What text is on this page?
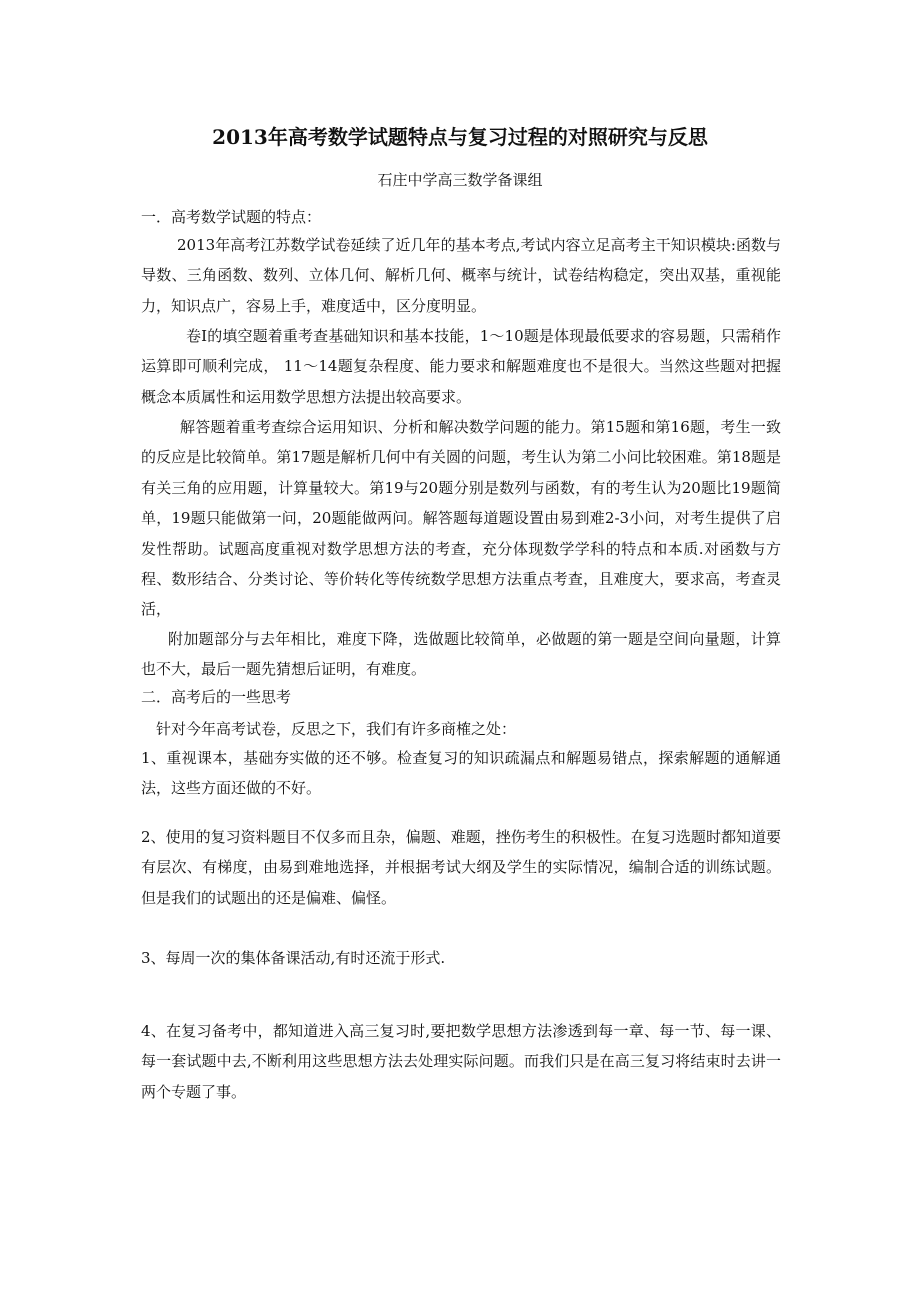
2013年高考数学试题特点与复习过程的对照研究与反思
石庄中学高三数学备课组
一．高考数学试题的特点：

2013年高考江苏数学试卷延续了近几年的基本考点,考试内容立足高考主干知识模块:函数与导数、三角函数、数列、立体几何、解析几何、概率与统计，试卷结构稳定，突出双基，重视能力，知识点广，容易上手，难度适中，区分度明显。

卷Ⅰ的填空题着重考查基础知识和基本技能，1～10题是体现最低要求的容易题，只需稍作运算即可顺利完成， 11～14题复杂程度、能力要求和解题难度也不是很大。当然这些题对把握概念本质属性和运用数学思想方法提出较高要求。

解答题着重考查综合运用知识、分析和解决数学问题的能力。第15题和第16题，考生一致的反应是比较简单。第17题是解析几何中有关圆的问题，考生认为第二小问比较困难。第18题是有关三角的应用题，计算量较大。第19与20题分别是数列与函数，有的考生认为20题比19题简单，19题只能做第一问，20题能做两问。解答题每道题设置由易到难2-3小问，对考生提供了启发性帮助。试题高度重视对数学思想方法的考查，充分体现数学学科的特点和本质.对函数与方程、数形结合、分类讨论、等价转化等传统数学思想方法重点考查，且难度大，要求高，考查灵活，

附加题部分与去年相比，难度下降，选做题比较简单，必做题的第一题是空间向量题，计算也不大，最后一题先猜想后证明，有难度。

二．高考后的一些思考

针对今年高考试卷，反思之下，我们有许多商榷之处：

1、重视课本，基础夯实做的还不够。检查复习的知识疏漏点和解题易错点，探索解题的通解通法，这些方面还做的不好。

2、使用的复习资料题目不仅多而且杂，偏题、难题，挫伤考生的积极性。在复习选题时都知道要有层次、有梯度，由易到难地选择，并根据考试大纲及学生的实际情况，编制合适的训练试题。但是我们的试题出的还是偏难、偏怪。

3、每周一次的集体备课活动,有时还流于形式.

4、在复习备考中，都知道进入高三复习时,要把数学思想方法渗透到每一章、每一节、每一课、每一套试题中去,不断利用这些思想方法去处理实际问题。而我们只是在高三复习将结束时去讲一两个专题了事。
